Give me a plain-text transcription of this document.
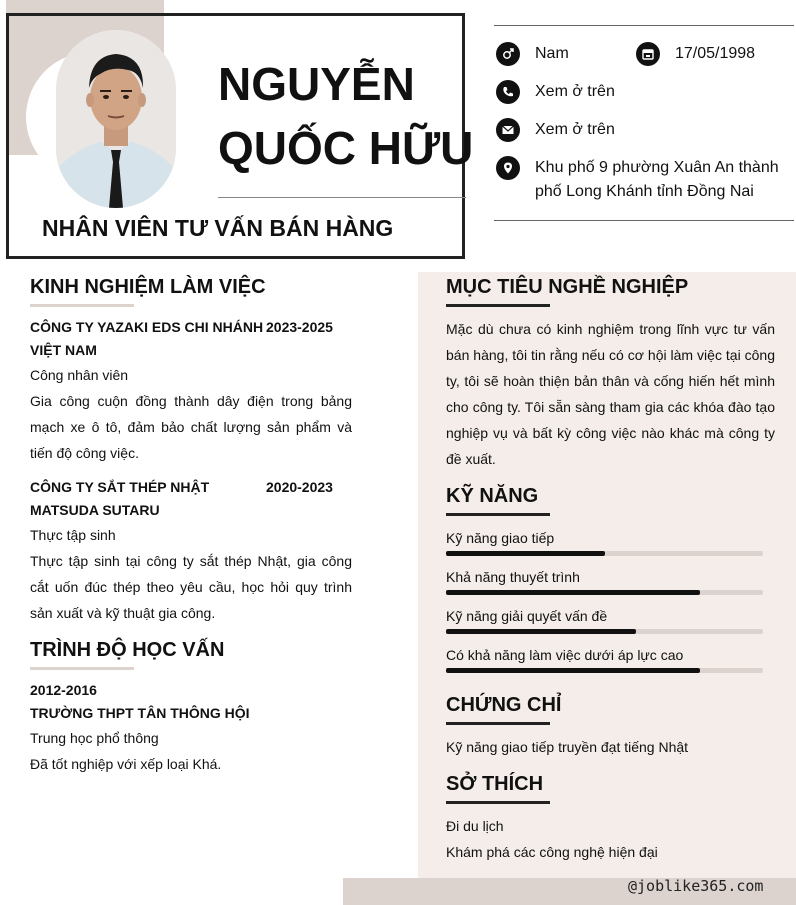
NGUYỄN
QUỐC HỮU
NHÂN VIÊN TƯ VẤN BÁN HÀNG
Nam	17/05/1998
Xem ở trên
Xem ở trên
Khu phố 9 phường Xuân An thành phố Long Khánh tỉnh Đồng Nai
KINH NGHIỆM LÀM VIỆC
CÔNG TY YAZAKI EDS CHI NHÁNH VIỆT NAM
2023-2025
Công nhân viên

Gia công cuộn đồng thành dây điện trong bảng mạch xe ô tô, đảm bảo chất lượng sản phẩm và tiến độ công việc.

CÔNG TY SẮT THÉP NHẬT MATSUDA SUTARU
2020-2023
Thực tập sinh

Thực tập sinh tại công ty sắt thép Nhật, gia công cắt uốn đúc thép theo yêu cầu, học hỏi quy trình sản xuất và kỹ thuật gia công.

TRÌNH ĐỘ HỌC VẤN
2012-2016
TRƯỜNG THPT TÂN THÔNG HỘI
Trung học phổ thông
Đã tốt nghiệp với xếp loại Khá.
MỤC TIÊU NGHỀ NGHIỆP

Mặc dù chưa có kinh nghiệm trong lĩnh vực tư vấn bán hàng, tôi tin rằng nếu có cơ hội làm việc tại công ty, tôi sẽ hoàn thiện bản thân và cống hiến hết mình cho công ty. Tôi sẵn sàng tham gia các khóa đào tạo nghiệp vụ và bất kỳ công việc nào khác mà công ty đề xuất.

KỸ NĂNG
Kỹ năng giao tiếp
Khả năng thuyết trình
Kỹ năng giải quyết vấn đề
Có khả năng làm việc dưới áp lực cao
CHỨNG CHỈ
Kỹ năng giao tiếp truyền đạt tiếng Nhật
SỞ THÍCH
Đi du lịch
Khám phá các công nghệ hiện đại
@joblike365.com
